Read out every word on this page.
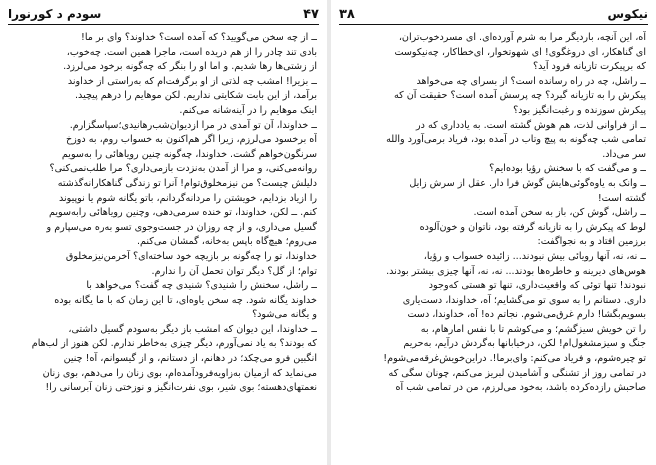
۴۷
سودم د کورنورا

ــ از چه سخن می‌گویید؟ که آمده است؟ خداوند؟ وای بر ما!

بادی تند چادر را از هم دریده است، ماجرا همین است. چه‌خوب،

از زشتی‌ها رها شدیم. و اما او را بنگر که چه‌گونه برخود می‌لرزد.

ــ بزیرا! امشب چه لذتی از او برگرفت‌ام که به‌راستی از خداوند

برآمد، از این بابت شکایتی نداریم. لکن موهایم را درهم پیچید.

اینک موهایم را در آینه‌شانه می‌کنم.

ــ خداوندا، آن تو آمدی در مرا ازدیوان‌شب‌رهانیدی؛سپاسگزارم.

آه برخسود می‌لرزم، زیرا اگر هم‌اکنون به خسواب روم، به دوزخ

سرنگون‌خواهم گشت. خداوندا، چه‌گونه چنین رویاهائی را به‌سویم

روانه‌می‌کنی، و مرا از آمدن به‌نزدت بازمی‌داری؟ مرا طلب‌نمی‌کنی؟

دلیلش چیست؟ من نیز‌مخلوق‌توام! آنرا تو زندگی گناهکارانه‌گذشته

را ازیاد بزدایم، خویشتن را مردانه‌گردانم، باتو یگانه شوم یا نوپیوند

کنم. ــ لکن، خداوندا، تو خنده سرمی‌دهی، وچنین رویاهائی رابه‌سویم

گسیل می‌داری، و از چه روزان در جست‌وجوی تسو به‌ره می‌سپارم و

می‌روم؛ هیچ‌گاه باپس به‌خانه، گمشان می‌کنم.

خداوندا، تو را چه‌گونه بر بازیچه خود ساخته‌ای؟ آخرمن‌نیزمخلوق

توام؛ از گل؟ دیگر توان تحمل آن را ندارم.

ــ راشل، سخنش را شنیدی؟ شنیدی چه گفت؟ می‌خواهد با

خداوند یگانه شود. چه سخن یاوه‌ای، تا این زمان که با ما یگانه بوده

و یگانه می‌شود؟

ــ خداوندا، این دیوان که امشب باز دیگر به‌سودم گسیل داشتی،

که بودند؟ به یاد نمی‌آورم، دیگر چیزی به‌خاطر ندارم. لکن هنوز از لب‌هام

انگبین فرو می‌چکد؛ در دهانم، از دستانم، و از گیسوانم، آه! چنین

می‌نماید که ازمیان به‌زاویه‌فرود‌آمده‌ام، بوی زنان را می‌دهم، بوی زنان

نعمتهای‌دهسته؛ بوی شیر، بوی نفرت‌انگیز و نوزختی زنان آبرسانی را!

نیکوس
۳۸

آه، این آنچه، باردیگر مرا به شرم آورده‌ای. ای مسردخوب‌تران،

ای گناهکار، ای دروغگوی! ای شهوتخوار، ای‌خطاکار، چه‌نیکوست

که برپیکرت تازیانه فرود آید؟

ــ راشل، چه در راه رسانده است؟ از بسرای چه می‌خواهد

پیکرش را به تازیانه گیرد؟ چه پرسش آمده است؟ حقیقت آن که

پیکرش سوزنده و رغبت‌انگیز بود؟

ــ از فراوانی لذت، هم هوش گشته است. به یادداری که در

تمامی شب چه‌گونه به پیچ وتاب در آمده بود، فریاد برمی‌آورد والله

سر می‌داد.

ــ و می‌گفت که با سخنش رؤیا بوده‌ایم؟

ــ وانک به یاوه‌گوئی‌هایش گوش فرا دار. عقل از سرش زایل

گشته است!

ــ راشل، گوش کن، باز به سخن آمده است.

لوط که پیکرش را به تازیانه گرفته بود، ناتوان و خون‌آلوده

برزمین افتاد و به نجواگفت:

ــ نه، نه، آنها رویائی بیش نبودند... زائیده خسواب و رؤیا،

هوس‌های دیرینه و خاطره‌ها بودند... نه، نه، آنها چیزی بیشتر بودند.

نبودند! تنها توئی که واقعیت‌داری، تنها تو هستی که‌وجود

داری. دستانم را به سوی تو می‌گشایم؛ آه، خداوندا، دست‌یاری

بسویم‌بگشا! دارم غرق‌می‌شوم. نجاتم ده! آه، خداوندا، دست

را تن خویش سیزگشم؛ و می‌کوشم تا با نفس امارهام، به

جنگ و سیزمشغول‌ام! لکن، درخیابانها به‌گردش درآیم، به‌حریم

تو چیره‌شوم، و فریاد می‌کنم: وای‌برما!. دراین‌خویش‌غرقه‌می‌شوم!

در تمامی روز از تشنگی و آشامیدن لبریز می‌کنم، چونان سگی که

صاحبش رازده‌کرده باشد، به‌خود می‌لرزم، من در تمامی شب آه
